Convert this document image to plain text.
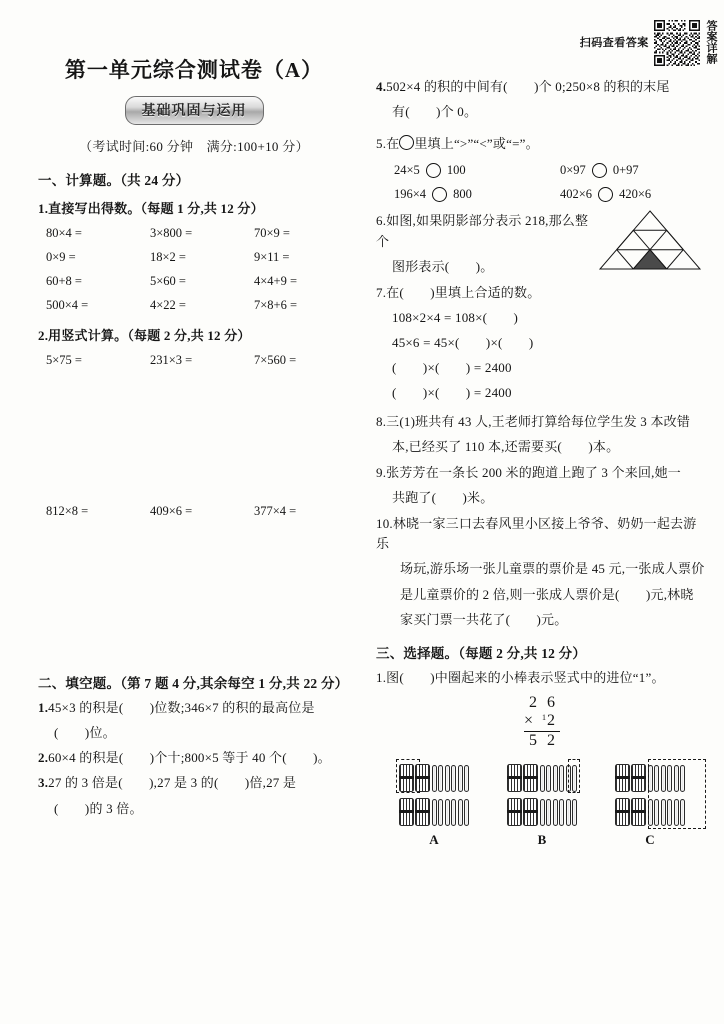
扫码查看答案	答案详解
第一单元综合测试卷（A）
基础巩固与运用
（考试时间:60 分钟　满分:100+10 分）
一、计算题。（共 24 分）
1.直接写出得数。（每题 1 分,共 12 分）
80×4 =	3×800 =	70×9 =
0×9 =	18×2 =	9×11 =
60+8 =	5×60 =	4×4+9 =
500×4 =	4×22 =	7×8+6 =
2.用竖式计算。（每题 2 分,共 12 分）
5×75 =	231×3 =	7×560 =
812×8 =	409×6 =	377×4 =
二、填空题。（第 7 题 4 分,其余每空 1 分,共 22 分）
1.45×3 的积是(　　)位数;346×7 的积的最高位是
(　　)位。
2.60×4 的积是(　　)个十;800×5 等于 40 个(　　)。
3.27 的 3 倍是(　　),27 是 3 的(　　)倍,27 是
(　　)的 3 倍。
4.502×4 的积的中间有(　　)个 0;250×8 的积的末尾
有(　　)个 0。
5.在 里填上“>”“<”或“=”。
24×5 100	0×97 0+97
196×4 800	402×6 420×6
6.如图,如果阴影部分表示 218,那么整个
图形表示(　　)。
7.在(　　)里填上合适的数。
108×2×4 = 108×(　　)
45×6 = 45×(　　)×(　　)
(　　)×(　　) = 2400
(　　)×(　　) = 2400
8.三(1)班共有 43 人,王老师打算给每位学生发 3 本改错
本,已经买了 110 本,还需要买(　　)本。
9.张芳芳在一条长 200 米的跑道上跑了 3 个来回,她一
共跑了(　　)米。
10.林晓一家三口去春风里小区接上爷爷、奶奶一起去游乐
场玩,游乐场一张儿童票的票价是 45 元,一张成人票价
是儿童票价的 2 倍,则一张成人票价是(　　)元,林晓
家买门票一共花了(　　)元。
三、选择题。（每题 2 分,共 12 分）
1.图(　　)中圈起来的小棒表示竖式中的进位“1”。
2 6
× $^1$2
5 2
A	B	C
